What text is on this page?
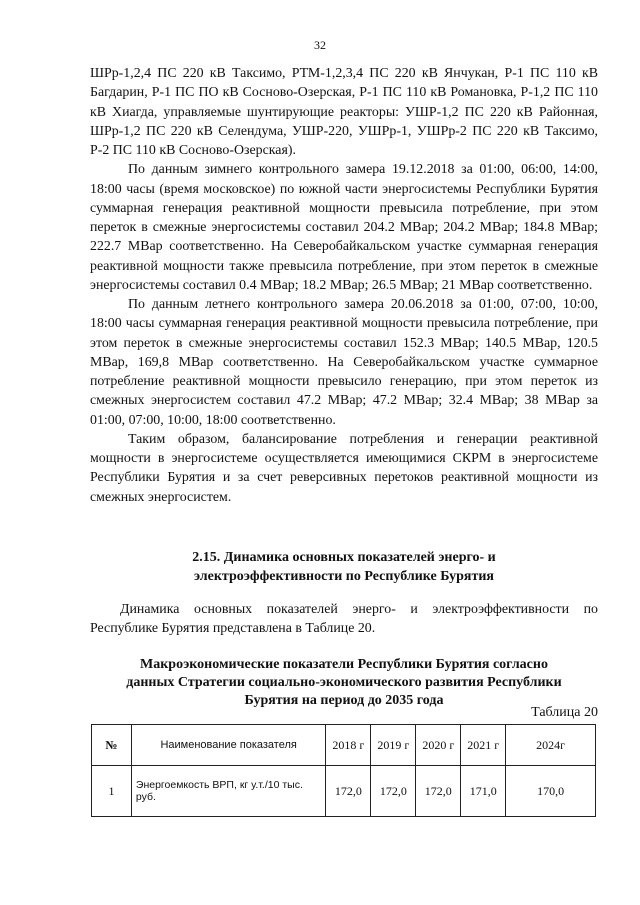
32

ШРр-1,2,4 ПС 220 кВ Таксимо, РТМ-1,2,3,4 ПС 220 кВ Янчукан, Р-1 ПС 110 кВ Багдарин, Р-1 ПС ПО кВ Сосново-Озерская, Р-1 ПС 110 кВ Романовка, Р-1,2 ПС 110 кВ Хиагда, управляемые шунтирующие реакторы: УШР-1,2 ПС 220 кВ Районная, ШРр-1,2 ПС 220 кВ Селендума, УШР-220, УШРр-1, УШРр-2 ПС 220 кВ Таксимо, Р-2 ПС 110 кВ Сосново-Озерская).

По данным зимнего контрольного замера 19.12.2018 за 01:00, 06:00, 14:00, 18:00 часы (время московское) по южной части энергосистемы Республики Бурятия суммарная генерация реактивной мощности превысила потребление, при этом переток в смежные энергосистемы составил 204.2 МВар; 204.2 МВар; 184.8 МВар; 222.7 МВар соответственно. На Северобайкальском участке суммарная генерация реактивной мощности также превысила потребление, при этом переток в смежные энергосистемы составил 0.4 МВар; 18.2 МВар; 26.5 МВар; 21 МВар соответственно.

По данным летнего контрольного замера 20.06.2018 за 01:00, 07:00, 10:00, 18:00 часы суммарная генерация реактивной мощности превысила потребление, при этом переток в смежные энергосистемы составил 152.3 МВар; 140.5 МВар, 120.5 МВар, 169,8 МВар соответственно. На Северобайкальском участке суммарное потребление реактивной мощности превысило генерацию, при этом переток из смежных энергосистем составил 47.2 МВар; 47.2 МВар; 32.4 МВар; 38 МВар за 01:00, 07:00, 10:00, 18:00 соответственно.

Таким образом, балансирование потребления и генерации реактивной мощности в энергосистеме осуществляется имеющимися СКРМ в энергосистеме Республики Бурятия и за счет реверсивных перетоков реактивной мощности из смежных энергосистем.

2.15. Динамика основных показателей энерго- и
электроэффективности по Республике Бурятия

Динамика основных показателей энерго- и электроэффективности по Республике Бурятия представлена в Таблице 20.

Макроэкономические показатели Республики Бурятия согласно
данных Стратегии социально-экономического развития Республики
Бурятия на период до 2035 года
Таблица 20
№	Наименование показателя	2018 г	2019 г	2020 г	2021 г	2024г
1	Энергоемкость ВРП, кг у.т./10 тыс. руб.	172,0	172,0	172,0	171,0	170,0
